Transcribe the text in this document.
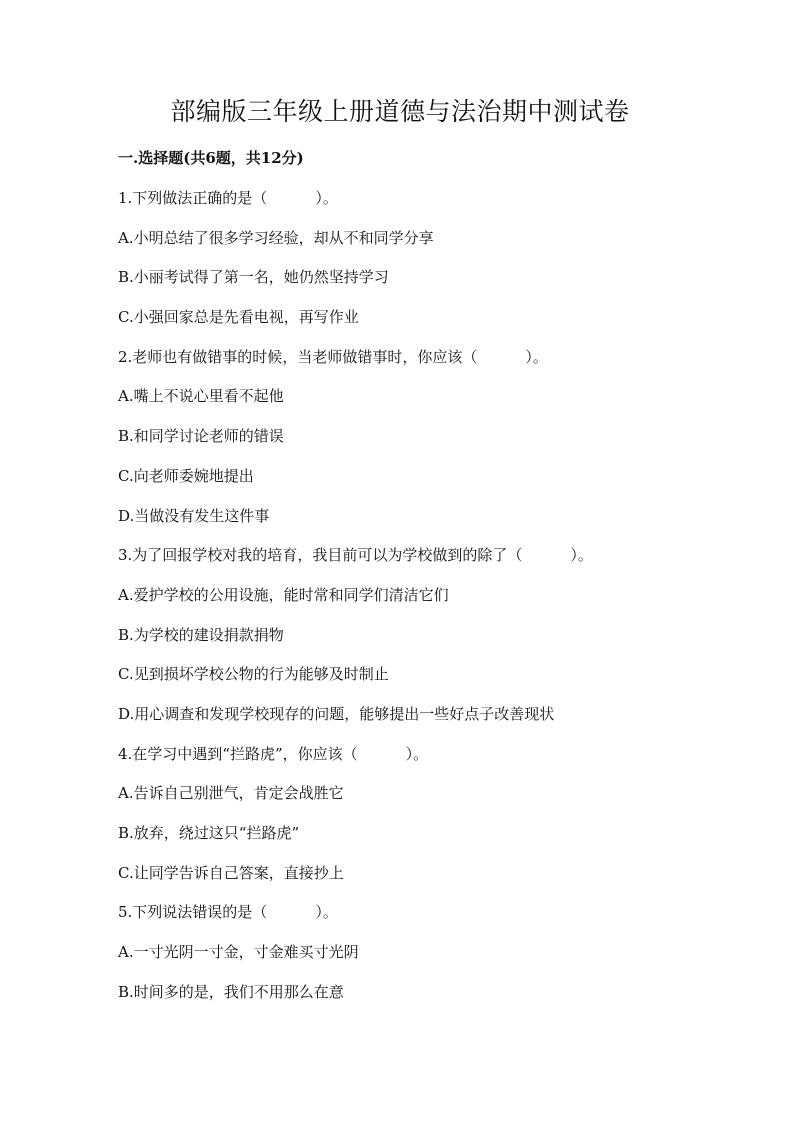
部编版三年级上册道德与法治期中测试卷
一.选择题(共6题，共12分)
1.下列做法正确的是（	）。
A.小明总结了很多学习经验，却从不和同学分享
B.小丽考试得了第一名，她仍然坚持学习
C.小强回家总是先看电视，再写作业
2.老师也有做错事的时候，当老师做错事时，你应该（	）。
A.嘴上不说心里看不起他
B.和同学讨论老师的错误
C.向老师委婉地提出
D.当做没有发生这件事
3.为了回报学校对我的培育，我目前可以为学校做到的除了（	）。
A.爱护学校的公用设施，能时常和同学们清洁它们
B.为学校的建设捐款捐物
C.见到损坏学校公物的行为能够及时制止
D.用心调查和发现学校现存的问题，能够提出一些好点子改善现状
4.在学习中遇到“拦路虎”，你应该（	）。
A.告诉自己别泄气，肯定会战胜它
B.放弃，绕过这只“拦路虎”
C.让同学告诉自己答案，直接抄上
5.下列说法错误的是（	）。
A.一寸光阴一寸金，寸金难买寸光阴
B.时间多的是，我们不用那么在意
